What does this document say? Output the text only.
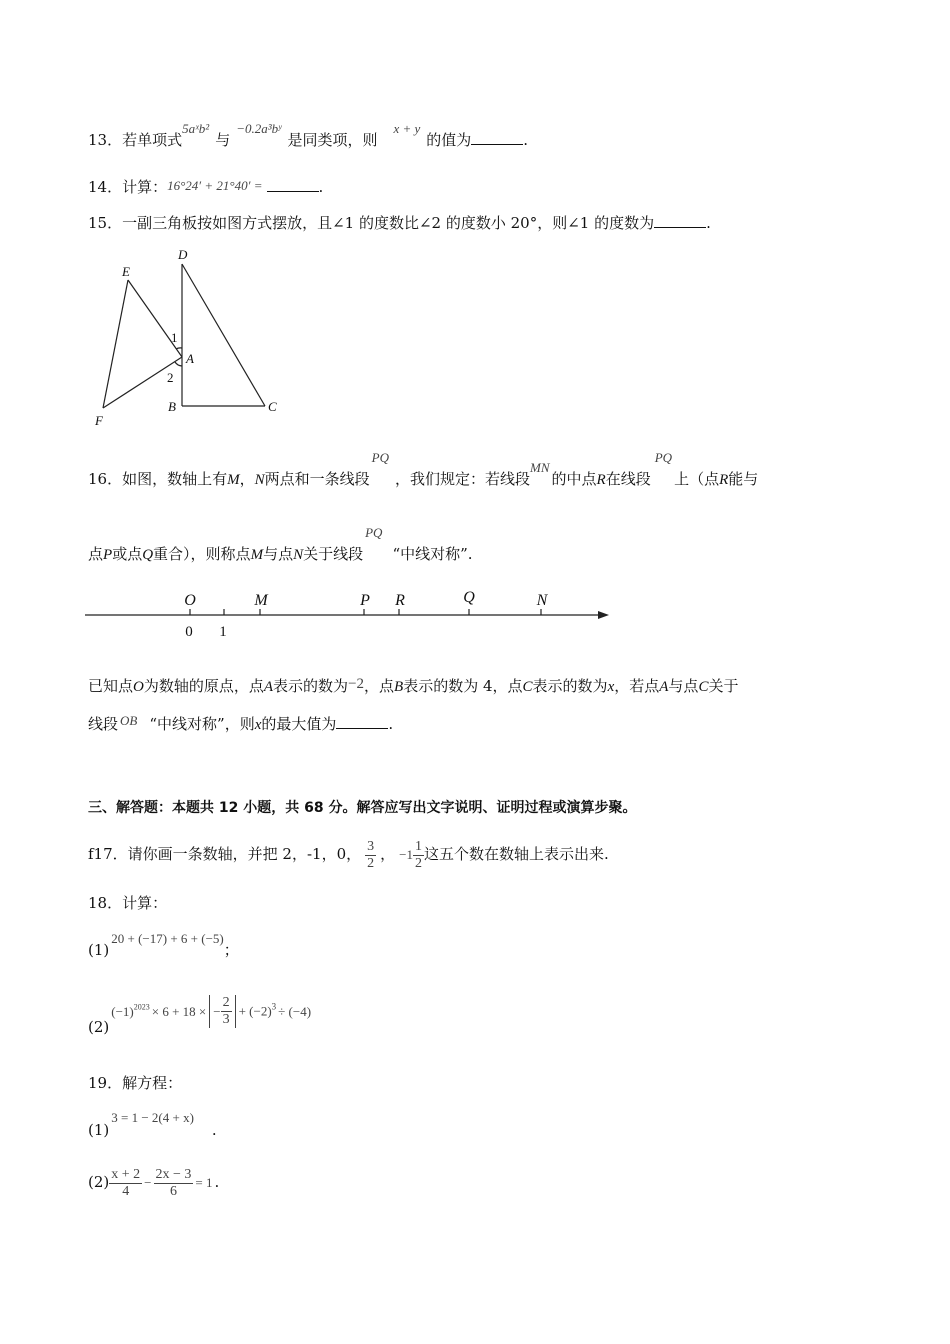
13．若单项式5aˣb²与−0.2a³bʸ是同类项，则x + y的值为	.
14．计算：16°24′ + 21°40′ =	.
15．一副三角板按如图方式摆放，且∠1 的度数比∠2 的度数小 20°，则∠1 的度数为	.
E
D
1
A
2
B	C
F
16．如图，数轴上有M，N两点和一条线段PQ，我们规定：若线段MN的中点R在线段PQ上（点R能与
点P或点Q重合），则称点M与点N关于线段PQ“中线对称”.
O	M	P R	Q	N
0 1
已知点O为数轴的原点，点A表示的数为−2，点B表示的数为 4，点C表示的数为x，若点A与点C关于
线段 OB “中线对称”，则x的最大值为	.
三、解答题：本题共 12 小题，共 68 分。解答应写出文字说明、证明过程或演算步聚。
f17．请你画一条数轴，并把 2，-1，0， $\frac{3}{2}$ ， $-1 \frac{1}{2}$ 这五个数在数轴上表示出来.
18．计算：
(1)20 + (−17) + 6 + (−5)；
$(2)(-1)^{2023} \times 6 + 18$ × − $\frac{2}{3} + (-2)^3 \div (-4)$
19．解方程：
(1)3 = 1 − 2(4 + x).
$(2) \frac{x + 2}{4} - \frac{2x - 3}{6} = 1$ .
